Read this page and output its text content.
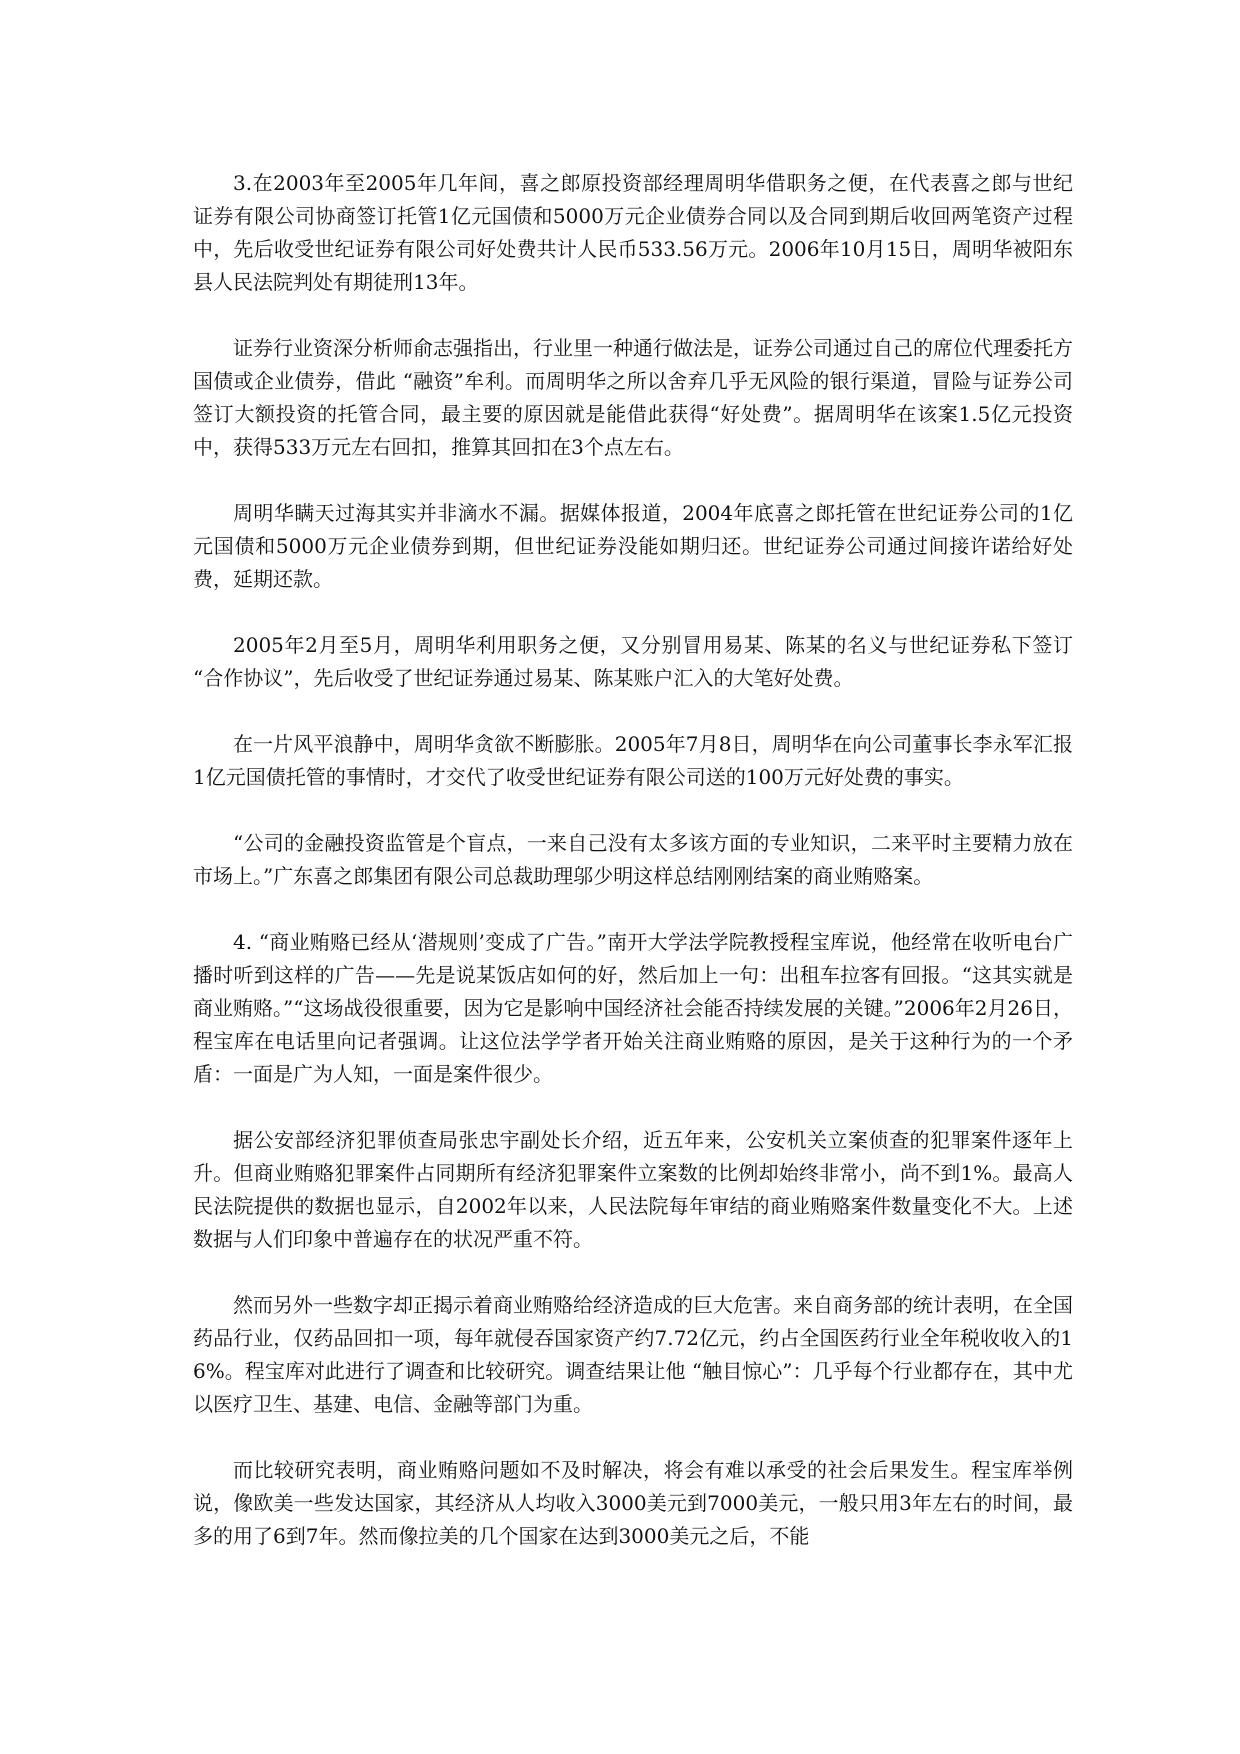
3.在2003年至2005年几年间，喜之郎原投资部经理周明华借职务之便，在代表喜之郎与世纪证券有限公司协商签订托管1亿元国债和5000万元企业债券合同以及合同到期后收回两笔资产过程中，先后收受世纪证券有限公司好处费共计人民币533.56万元。2006年10月15日，周明华被阳东县人民法院判处有期徒刑13年。

证券行业资深分析师俞志强指出，行业里一种通行做法是，证券公司通过自己的席位代理委托方国债或企业债券，借此 “融资”牟利。而周明华之所以舍弃几乎无风险的银行渠道，冒险与证券公司签订大额投资的托管合同，最主要的原因就是能借此获得“好处费”。据周明华在该案1.5亿元投资中，获得533万元左右回扣，推算其回扣在3个点左右。

周明华瞒天过海其实并非滴水不漏。据媒体报道，2004年底喜之郎托管在世纪证券公司的1亿元国债和5000万元企业债券到期，但世纪证券没能如期归还。世纪证券公司通过间接许诺给好处费，延期还款。

2005年2月至5月，周明华利用职务之便，又分别冒用易某、陈某的名义与世纪证券私下签订 “合作协议”，先后收受了世纪证券通过易某、陈某账户汇入的大笔好处费。

在一片风平浪静中，周明华贪欲不断膨胀。2005年7月8日，周明华在向公司董事长李永军汇报1亿元国债托管的事情时，才交代了收受世纪证券有限公司送的100万元好处费的事实。

“公司的金融投资监管是个盲点，一来自己没有太多该方面的专业知识，二来平时主要精力放在市场上。”广东喜之郎集团有限公司总裁助理邬少明这样总结刚刚结案的商业贿赂案。

4. “商业贿赂已经从‘潜规则’变成了广告。”南开大学法学院教授程宝库说，他经常在收听电台广播时听到这样的广告——先是说某饭店如何的好，然后加上一句：出租车拉客有回报。“这其实就是商业贿赂。”“这场战役很重要，因为它是影响中国经济社会能否持续发展的关键。”2006年2月26日，程宝库在电话里向记者强调。让这位法学学者开始关注商业贿赂的原因，是关于这种行为的一个矛盾：一面是广为人知，一面是案件很少。

据公安部经济犯罪侦查局张忠宇副处长介绍，近五年来，公安机关立案侦查的犯罪案件逐年上升。但商业贿赂犯罪案件占同期所有经济犯罪案件立案数的比例却始终非常小，尚不到1%。最高人民法院提供的数据也显示，自2002年以来，人民法院每年审结的商业贿赂案件数量变化不大。上述数据与人们印象中普遍存在的状况严重不符。

然而另外一些数字却正揭示着商业贿赂给经济造成的巨大危害。来自商务部的统计表明，在全国药品行业，仅药品回扣一项，每年就侵吞国家资产约7.72亿元，约占全国医药行业全年税收收入的16%。程宝库对此进行了调查和比较研究。调查结果让他 “触目惊心”：几乎每个行业都存在，其中尤以医疗卫生、基建、电信、金融等部门为重。

而比较研究表明，商业贿赂问题如不及时解决，将会有难以承受的社会后果发生。程宝库举例说，像欧美一些发达国家，其经济从人均收入3000美元到7000美元，一般只用3年左右的时间，最多的用了6到7年。然而像拉美的几个国家在达到3000美元之后，不能
